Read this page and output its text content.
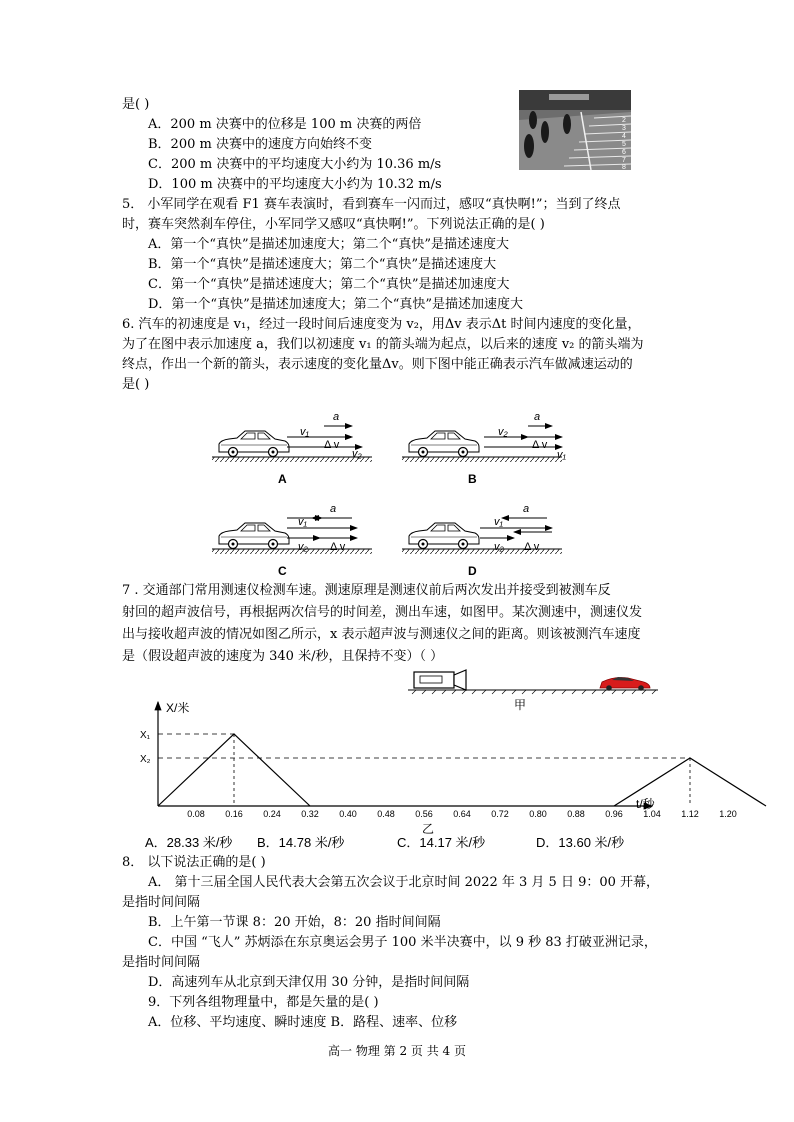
是( )
A．200 m 决赛中的位移是 100 m 决赛的两倍
B．200 m 决赛中的速度方向始终不变
C．200 m 决赛中的平均速度大小约为 10.36 m/s
D．100 m 决赛中的平均速度大小约为 10.32 m/s
2
3
4
5
6
7
8
5． 小军同学在观看 F1 赛车表演时，看到赛车一闪而过，感叹“真快啊!”；当到了终点
时，赛车突然刹车停住，小军同学又感叹“真快啊!”。下列说法正确的是( )
A．第一个“真快”是描述加速度大；第二个“真快”是描述速度大
B．第一个“真快”是描述速度大；第二个“真快”是描述速度大
C．第一个“真快”是描述速度大；第二个“真快”是描述加速度大
D．第一个“真快”是描述加速度大；第二个“真快”是描述加速度大
6. 汽车的初速度是 v₁，经过一段时间后速度变为 v₂，用Δv 表示Δt 时间内速度的变化量，
为了在图中表示加速度 a，我们以初速度 v₁ 的箭头端为起点，以后来的速度 v₂ 的箭头端为
终点，作出一个新的箭头，表示速度的变化量Δv。则下图中能正确表示汽车做减速运动的
是( )
a
v₁
v₂
Δ v
A
a
v₂
v₁
Δ v
B
a
v₁
v₂ Δ v
C
a
v₁
v₂ Δ v
D
7 . 交通部门常用测速仪检测车速。测速原理是测速仪前后两次发出并接受到被测车反
射回的超声波信号，再根据两次信号的时间差，测出车速，如图甲。某次测速中，测速仪发
出与接收超声波的情况如图乙所示，x 表示超声波与测速仪之间的距离。则该被测汽车速度
是（假设超声波的速度为 340 米/秒，且保持不变）（ ）
甲
X/米
t/秒
X₁
X₂
0.08 0.16 0.24 0.32 0.40 0.48 0.56 0.64 0.72 0.80 0.88 0.96 1.04 1.12 1.20
乙
A．28.33 米/秒 B．14.78 米/秒	C．14.17 米/秒	D．13.60 米/秒
8． 以下说法正确的是( )
A． 第十三届全国人民代表大会第五次会议于北京时间 2022 年 3 月 5 日 9：00 开幕，
是指时间间隔
B．上午第一节课 8：20 开始，8：20 指时间间隔
C．中国 “飞人” 苏炳添在东京奥运会男子 100 米半决赛中，以 9 秒 83 打破亚洲记录，
是指时间间隔
D．高速列车从北京到天津仅用 30 分钟，是指时间间隔
9．下列各组物理量中，都是矢量的是( )
A．位移、平均速度、瞬时速度 B．路程、速率、位移
高一 物理 第 2 页 共 4 页
